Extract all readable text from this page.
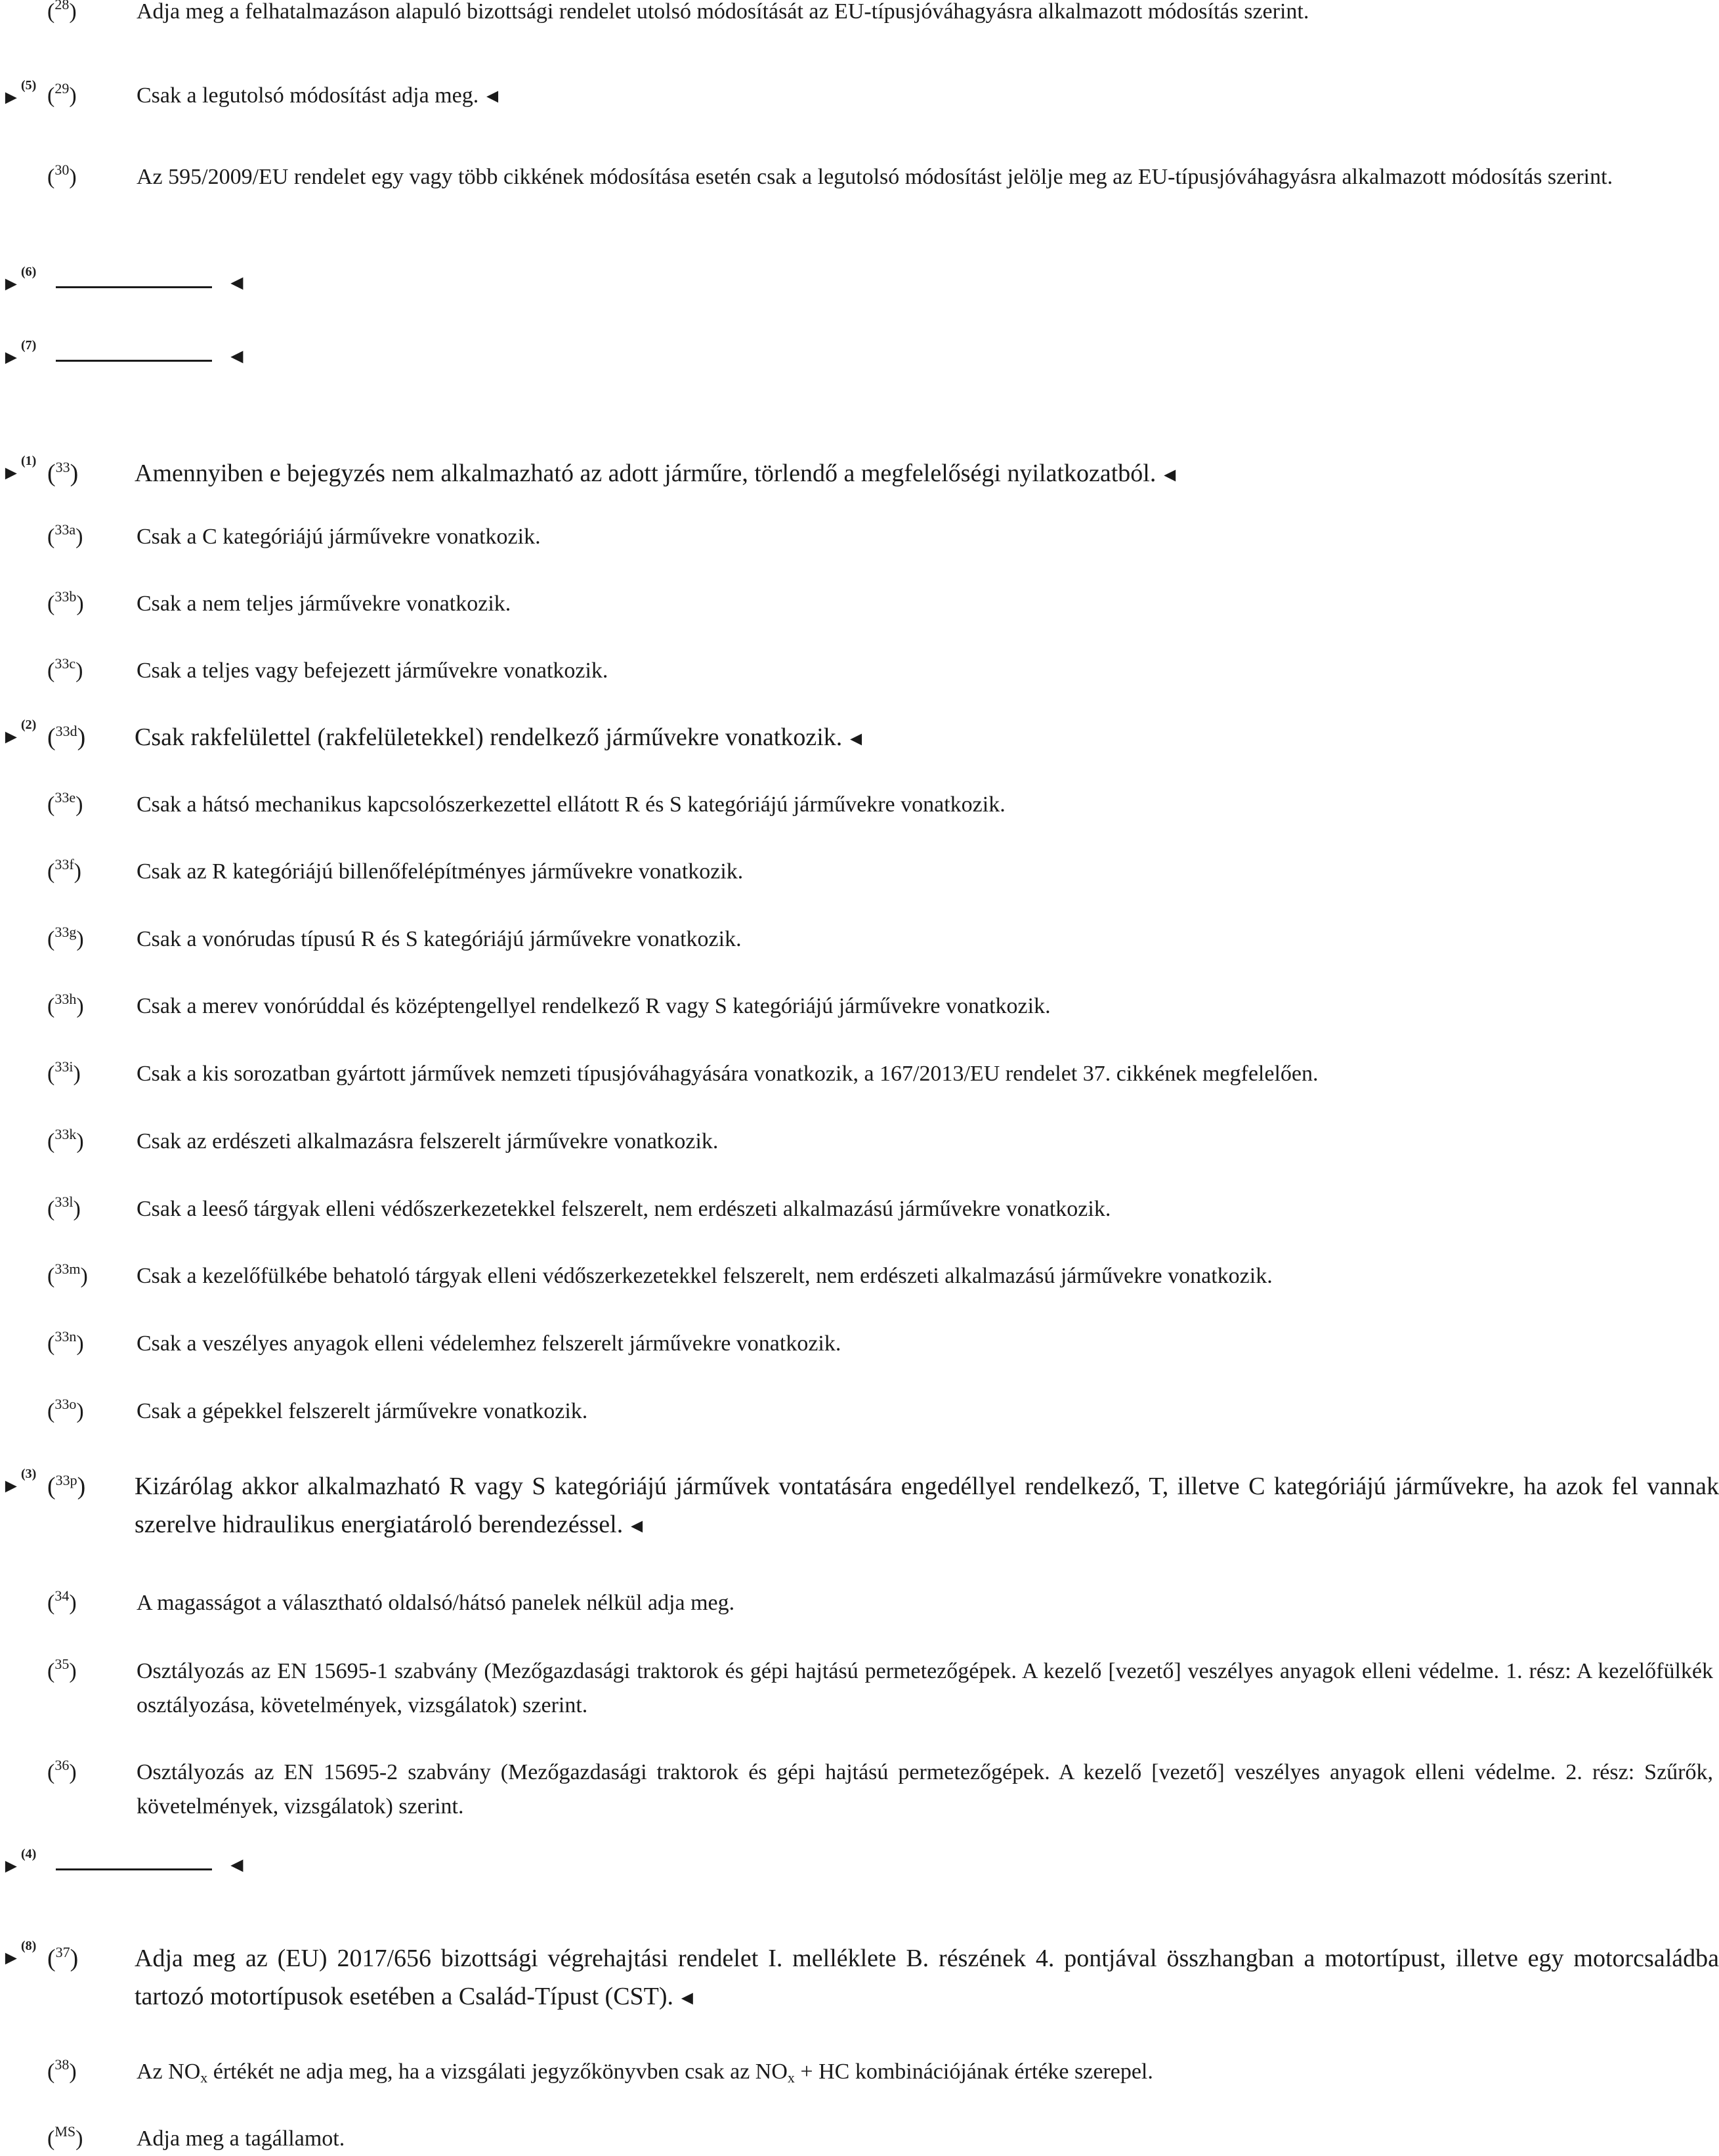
($^{28}$)	Adja meg a felhatalmazáson alapuló bizottsági rendelet utolsó módosítását az EU-típusjóváhagyásra alkalmazott módosítás szerint.
►
(5) ($^{29}$)	Csak a legutolsó módosítást adja meg. ◄
($^{30}$)	Az 595/2009/EU rendelet egy vagy több cikkének módosítása esetén csak a legutolsó módosítást jelölje meg az EU-típusjóváhagyásra alkalmazott módosítás szerint.
►
(6)	◄
►
(7)	◄
►
(1) ($^{33}$) Amennyiben e bejegyzés nem alkalmazható az adott járműre, törlendő a megfelelőségi nyilatkozatból. ◄
($^{33a}$) Csak a C kategóriájú járművekre vonatkozik.
($^{33b}$) Csak a nem teljes járművekre vonatkozik.
($^{33c}$) Csak a teljes vagy befejezett járművekre vonatkozik.
►
(2) ($^{33d}$) Csak rakfelülettel (rakfelületekkel) rendelkező járművekre vonatkozik. ◄
($^{33e}$) Csak a hátsó mechanikus kapcsolószerkezettel ellátott R és S kategóriájú járművekre vonatkozik.
($^{33f}$) Csak az R kategóriájú billenőfelépítményes járművekre vonatkozik.
($^{33g}$) Csak a vonórudas típusú R és S kategóriájú járművekre vonatkozik.
($^{33h}$) Csak a merev vonórúddal és középtengellyel rendelkező R vagy S kategóriájú járművekre vonatkozik.
($^{33i}$)	Csak a kis sorozatban gyártott járművek nemzeti típusjóváhagyására vonatkozik, a 167/2013/EU rendelet 37. cikkének megfelelően.
($^{33k}$) Csak az erdészeti alkalmazásra felszerelt járművekre vonatkozik.
($^{33l}$)	Csak a leeső tárgyak elleni védőszerkezetekkel felszerelt, nem erdészeti alkalmazású járművekre vonatkozik.
($^{33m}$) Csak a kezelőfülkébe behatoló tárgyak elleni védőszerkezetekkel felszerelt, nem erdészeti alkalmazású járművekre vonatkozik.
($^{33n}$) Csak a veszélyes anyagok elleni védelemhez felszerelt járművekre vonatkozik.
($^{33o}$) Csak a gépekkel felszerelt járművekre vonatkozik.
►
(3) ($^{33p}$) Kizárólag akkor alkalmazható R vagy S kategóriájú járművek vontatására engedéllyel rendelkező, T, illetve C kategóriájú járművekre, ha azok fel vannak szerelve hidraulikus energiatároló berendezéssel. ◄
($^{34}$)	A magasságot a választható oldalsó/hátsó panelek nélkül adja meg.
($^{35}$)	Osztályozás az EN 15695-1 szabvány (Mezőgazdasági traktorok és gépi hajtású permetezőgépek. A kezelő [vezető] veszélyes anyagok elleni védelme. 1. rész: A kezelőfülkék osztályozása, követelmények, vizsgálatok) szerint.
($^{36}$)	Osztályozás az EN 15695-2 szabvány (Mezőgazdasági traktorok és gépi hajtású permetezőgépek. A kezelő [vezető] veszélyes anyagok elleni védelme. 2. rész: Szűrők, követelmények, vizsgálatok) szerint.
►
(4)	◄
►
(8) ($^{37}$) Adja meg az (EU) 2017/656 bizottsági végrehajtási rendelet I. melléklete B. részének 4. pontjával összhangban a motortípust, illetve egy motorcsaládba tartozó motortípusok esetében a Család-Típust (CST). ◄
($^{38}$)	Az $NO_x$ értékét ne adja meg, ha a vizsgálati jegyzőkönyvben csak az $NO_x$ + HC kombinációjának értéke szerepel.
($^{MS}$) Adja meg a tagállamot.
